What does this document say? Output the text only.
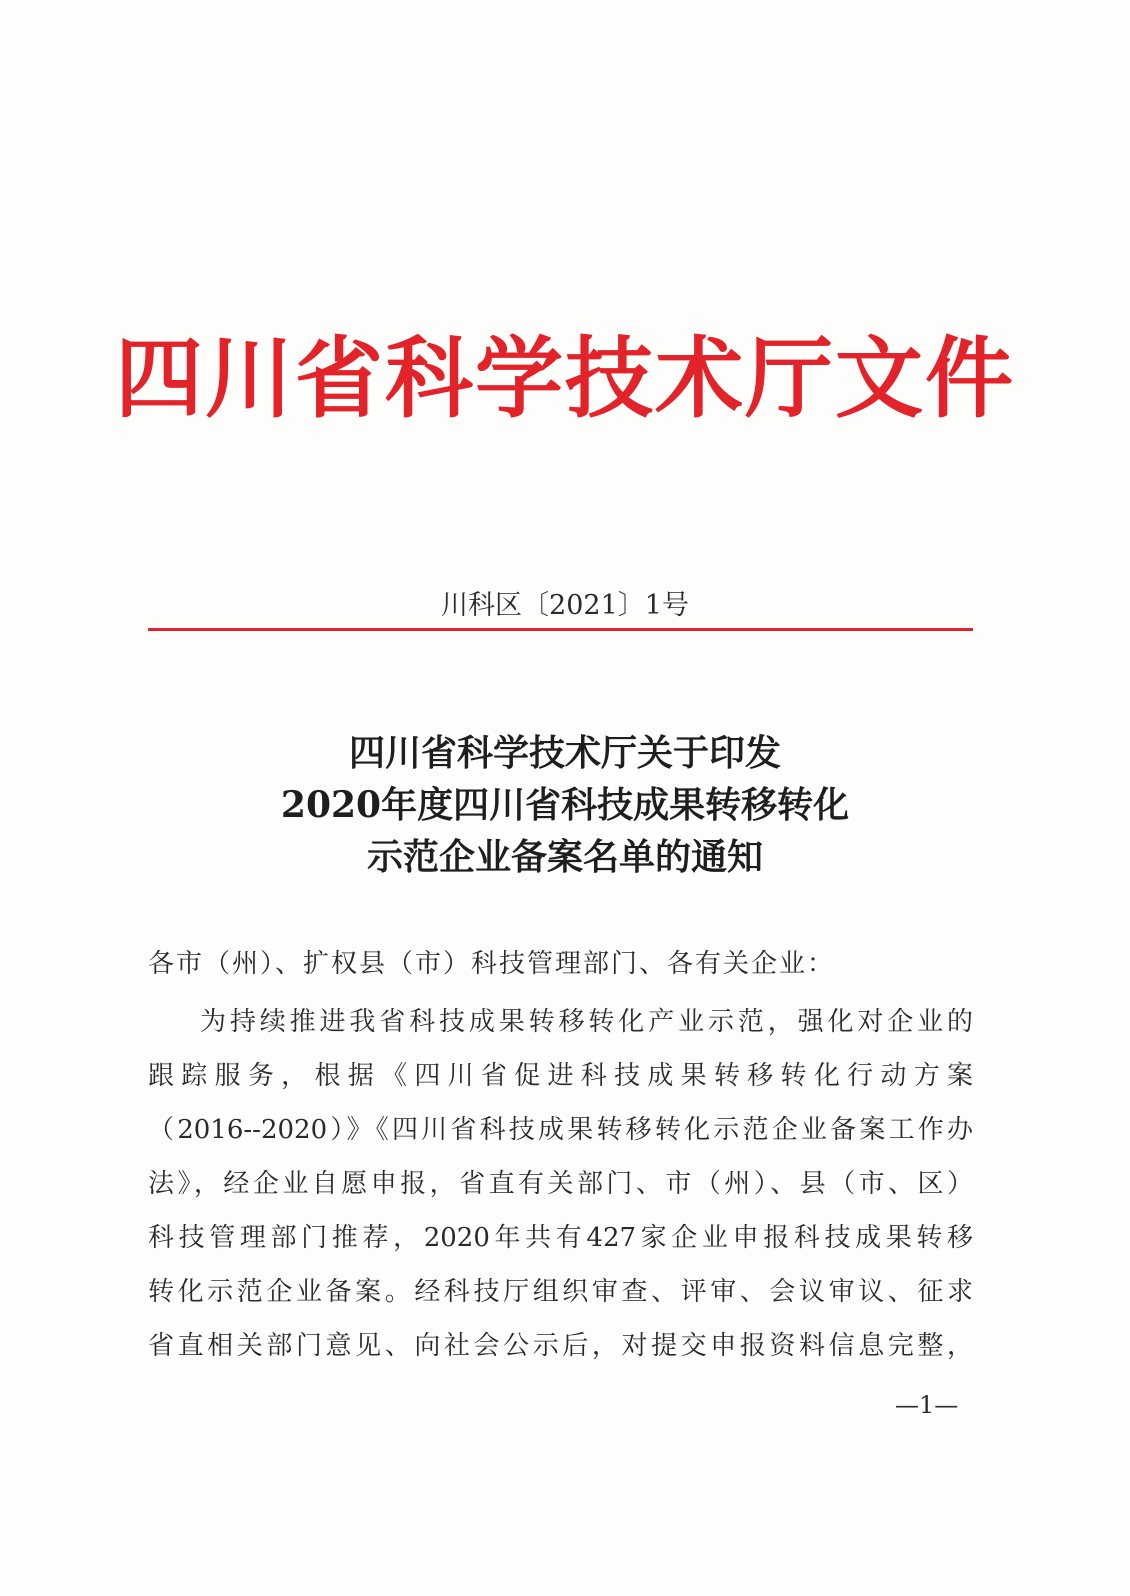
四川省科学技术厅文件
川科区〔2021〕1号
四川省科学技术厅关于印发
2020年度四川省科技成果转移转化
示范企业备案名单的通知
各市（州）、扩权县（市）科技管理部门、各有关企业：
为持续推进我省科技成果转移转化产业示范，强化对企业的
跟踪服务，根据《四川省促进科技成果转移转化行动方案
（2016--2020）》《四川省科技成果转移转化示范企业备案工作办
法》，经企业自愿申报，省直有关部门、市（州）、县（市、区）
科技管理部门推荐，2020年共有427家企业申报科技成果转移
转化示范企业备案。经科技厅组织审查、评审、会议审议、征求
省直相关部门意见、向社会公示后，对提交申报资料信息完整，
—1—
